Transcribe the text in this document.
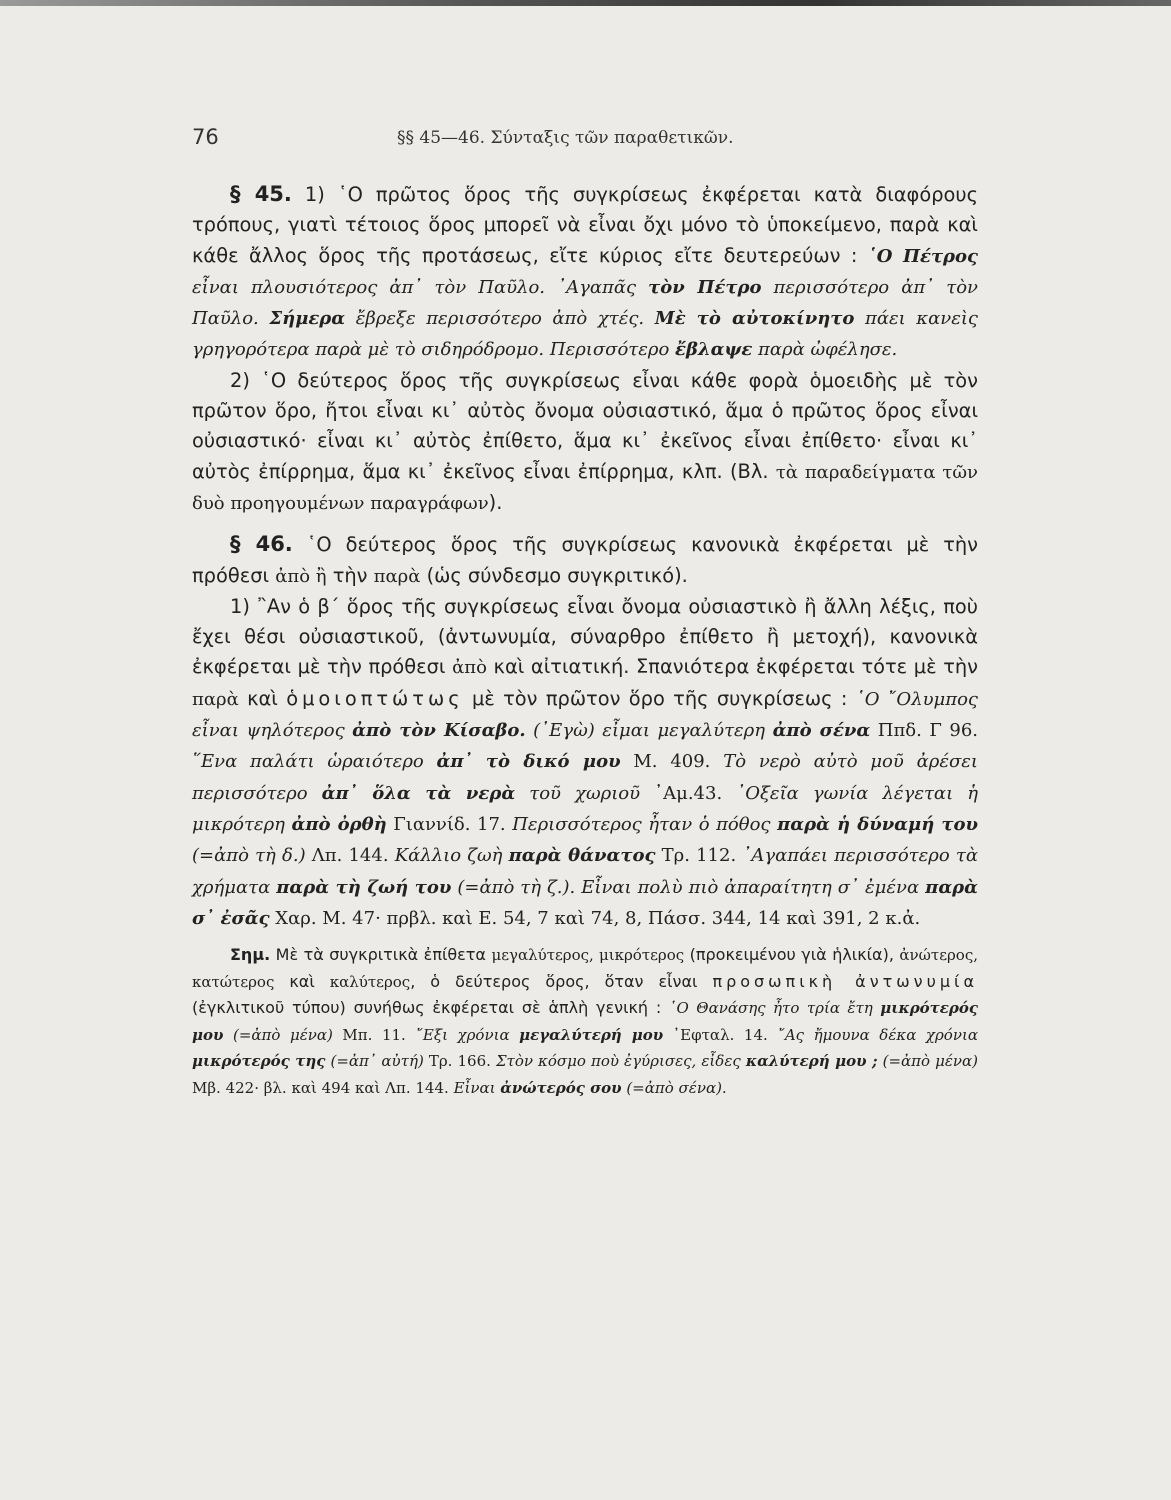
76	§§ 45—46. Σύνταξις τῶν παραθετικῶν.

§ 45. 1) ῾Ο πρῶτος ὅρος τῆς συγκρίσεως ἐκφέρεται κατὰ διαφόρους τρόπους, γιατὶ τέτοιος ὅρος μπορεῖ νὰ εἶναι ὄχι μόνο τὸ ὑποκείμενο, παρὰ καὶ κάθε ἄλλος ὅρος τῆς προτάσεως, εἴτε κύριος εἴτε δευτερεύων : ῾Ο Πέτρος εἶναι πλουσιότερος ἀπ᾿ τὸν Παῦλο. ᾿Αγαπᾶς τὸν Πέτρο περισσότερο ἀπ᾿ τὸν Παῦλο. Σήμερα ἔβρεξε περισσότερο ἀπὸ χτές. Μὲ τὸ αὐτοκίνητο πάει κανεὶς γρηγορότερα παρὰ μὲ τὸ σιδηρόδρομο. Περισσότερο ἔβλαψε παρὰ ὠφέλησε.

2) ῾Ο δεύτερος ὅρος τῆς συγκρίσεως εἶναι κάθε φορὰ ὁμοειδὴς μὲ τὸν πρῶτον ὅρο, ἤτοι εἶναι κι᾿ αὐτὸς ὄνομα οὐσιαστικό, ἅμα ὁ πρῶτος ὅρος εἶναι οὐσιαστικό· εἶναι κι᾿ αὐτὸς ἐπίθετο, ἅμα κι᾿ ἐκεῖνος εἶναι ἐπίθετο· εἶναι κι᾿ αὐτὸς ἐπίρρημα, ἅμα κι᾿ ἐκεῖνος εἶναι ἐπίρρημα, κλπ. (Βλ. τὰ παραδείγματα τῶν δυὸ προηγουμένων παραγράφων).

§ 46. ῾Ο δεύτερος ὅρος τῆς συγκρίσεως κανονικὰ ἐκφέρεται μὲ τὴν πρόθεσι ἀπὸ ἢ τὴν παρὰ (ὡς σύνδεσμο συγκριτικό).

1) ῍Αν ὁ β΄ ὅρος τῆς συγκρίσεως εἶναι ὄνομα οὐσιαστικὸ ἢ ἄλλη λέξις, ποὺ ἔχει θέσι οὐσιαστικοῦ, (ἀντωνυμία, σύναρθρο ἐπίθετο ἢ μετοχή), κανονικὰ ἐκφέρεται μὲ τὴν πρόθεσι ἀπὸ καὶ αἰτιατική. Σπανιότερα ἐκφέρεται τότε μὲ τὴν παρὰ καὶ ὁμοιοπτώτως μὲ τὸν πρῶτον ὅρο τῆς συγκρίσεως : ῾Ο ῎Ολυμπος εἶναι ψηλότερος ἀπὸ τὸν Κίσαβο. (᾿Εγὼ) εἶμαι μεγαλύτερη ἀπὸ σένα Ππδ. Γ 96. ῞Ενα παλάτι ὡραιότερο ἀπ᾿ τὸ δικό μου Μ. 409. Τὸ νερὸ αὐτὸ μοῦ ἀρέσει περισσότερο ἀπ᾿ ὅλα τὰ νερὰ τοῦ χωριοῦ ᾿Αμ.43. ᾿Οξεῖα γωνία λέγεται ἡ μικρότερη ἀπὸ ὀρθὴ Γιαννίδ. 17. Περισσότερος ἦταν ὁ πόθος παρὰ ἡ δύναμή του (=ἀπὸ τὴ δ.) Λπ. 144. Κάλλιο ζωὴ παρὰ θάνατος Τρ. 112. ᾿Αγαπάει περισσότερο τὰ χρήματα παρὰ τὴ ζωή του (=ἀπὸ τὴ ζ.). Εἶναι πολὺ πιὸ ἀπαραίτητη σ᾿ ἐμένα παρὰ σ᾿ ἐσᾶς Χαρ. Μ. 47· πρβλ. καὶ Ε. 54, 7 καὶ 74, 8, Πάσσ. 344, 14 καὶ 391, 2 κ.ἀ.

Σημ. Μὲ τὰ συγκριτικὰ ἐπίθετα μεγαλύτερος, μικρότερος (προκειμένου γιὰ ἡλικία), ἀνώτερος, κατώτερος καὶ καλύτερος, ὁ δεύτερος ὅρος, ὅταν εἶναι προσωπικὴ ἀντωνυμία (ἐγκλιτικοῦ τύπου) συνήθως ἐκφέρεται σὲ ἁπλὴ γενική : ῾Ο Θανάσης ἦτο τρία ἔτη μικρότερός μου (=ἀπὸ μένα) Μπ. 11. ῎Εξι χρόνια μεγαλύτερή μου ᾿Εφταλ. 14. ῎Ας ἤμουνα δέκα χρόνια μικρότερός της (=ἀπ᾿ αὐτή) Τρ. 166. Στὸν κόσμο ποὺ ἐγύρισες, εἶδες καλύτερή μου ; (=ἀπὸ μένα) Μβ. 422· βλ. καὶ 494 καὶ Λπ. 144. Εἶναι ἀνώτερός σου (=ἀπὸ σένα).
